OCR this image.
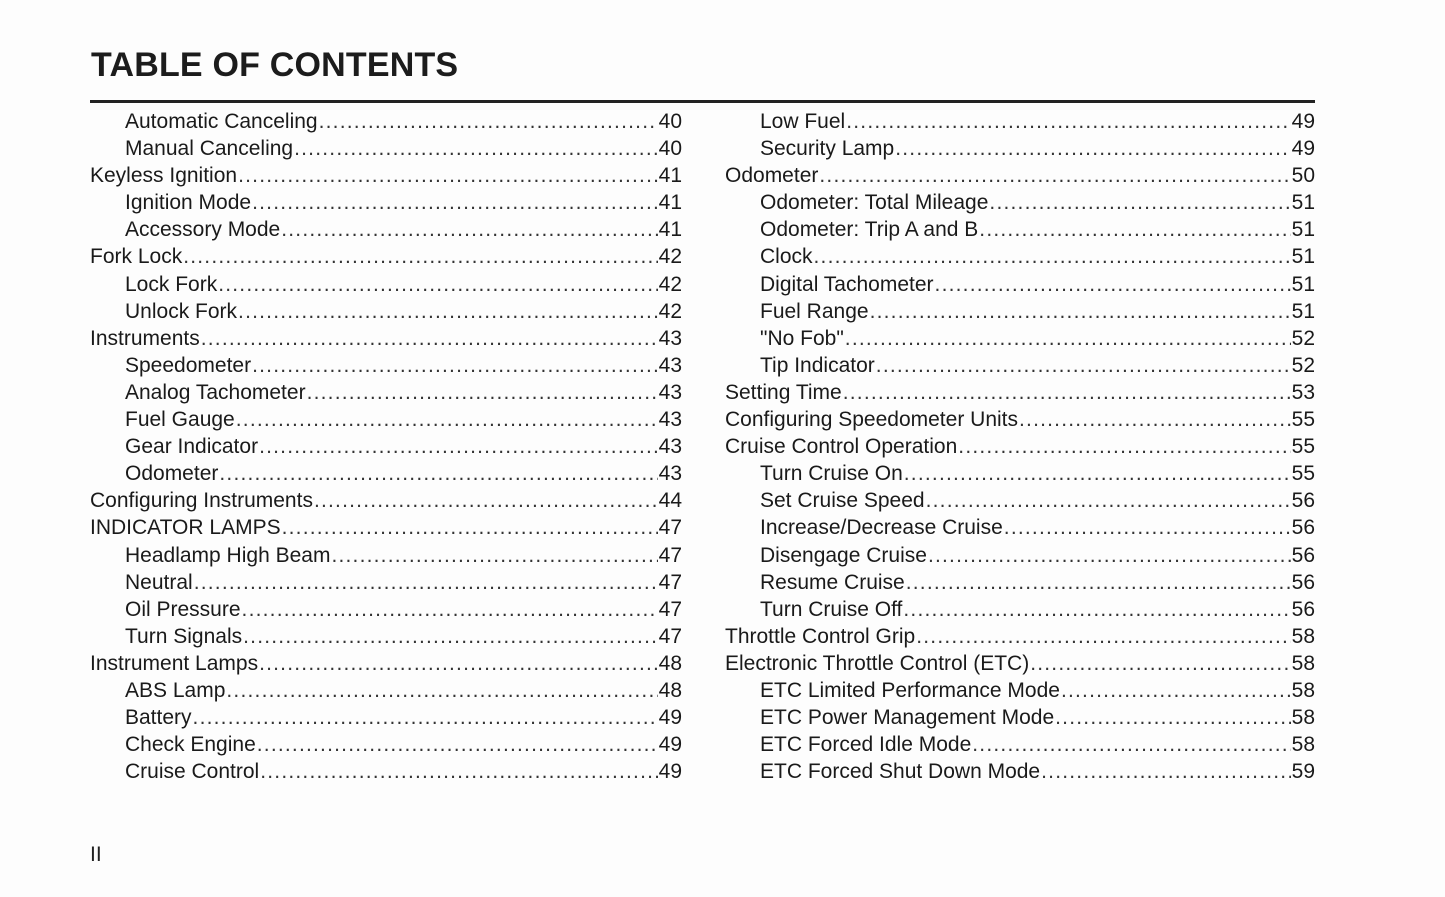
TABLE OF CONTENTS
Automatic Canceling .....	40
Manual Canceling .....	40
Keyless Ignition .....	41
Ignition Mode .....	41
Accessory Mode .....	41
Fork Lock .....	42
Lock Fork .....	42
Unlock Fork .....	42
Instruments .....	43
Speedometer .....	43
Analog Tachometer .....	43
Fuel Gauge .....	43
Gear Indicator .....	43
Odometer .....	43
Configuring Instruments .....	44
INDICATOR LAMPS .....	47
Headlamp High Beam .....	47
Neutral .....	47
Oil Pressure .....	47
Turn Signals .....	47
Instrument Lamps .....	48
ABS Lamp .....	48
Battery .....	49
Check Engine .....	49
Cruise Control .....	49
Low Fuel .....	49
Security Lamp .....	49
Odometer .....	50
Odometer: Total Mileage .....	51
Odometer: Trip A and B .....	51
Clock .....	51
Digital Tachometer .....	51
Fuel Range .....	51
"No Fob" .....	52
Tip Indicator .....	52
Setting Time .....	53
Configuring Speedometer Units .....	55
Cruise Control Operation .....	55
Turn Cruise On .....	55
Set Cruise Speed .....	56
Increase/Decrease Cruise .....	56
Disengage Cruise .....	56
Resume Cruise .....	56
Turn Cruise Off .....	56
Throttle Control Grip .....	58
Electronic Throttle Control (ETC) .....	58
ETC Limited Performance Mode .....	58
ETC Power Management Mode .....	58
ETC Forced Idle Mode .....	58
ETC Forced Shut Down Mode .....	59
II
